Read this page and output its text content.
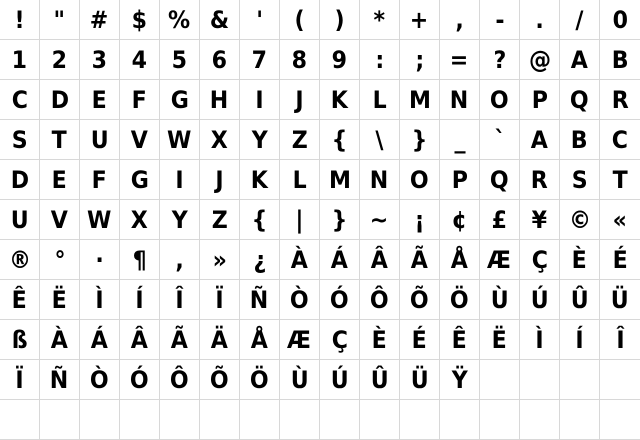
! " # $ % & ' ( ) * + , - . / 0
1 2 3 4 5 6 7 8 9 : ; = ? @ A B
C D E F G H I J K L M N O P Q R
S T U V W X Y Z { \ } _ ` A B C
D E F G I J K L M N O P Q R S T
U V W X Y Z { | } ~ ¡ ¢ £ ¥ © «
® ° · ¶ , » ¿ À Á Â Ã Å Æ Ç È É
Ê Ë Ì Í Î Ï Ñ Ò Ó Ô Õ Ö Ù Ú Û Ü
ß À Á Â Ã Ä Å Æ Ç È É Ê Ë Ì Í Î
Ï Ñ Ò Ó Ô Õ Ö Ù Ú Û Ü Ÿ
